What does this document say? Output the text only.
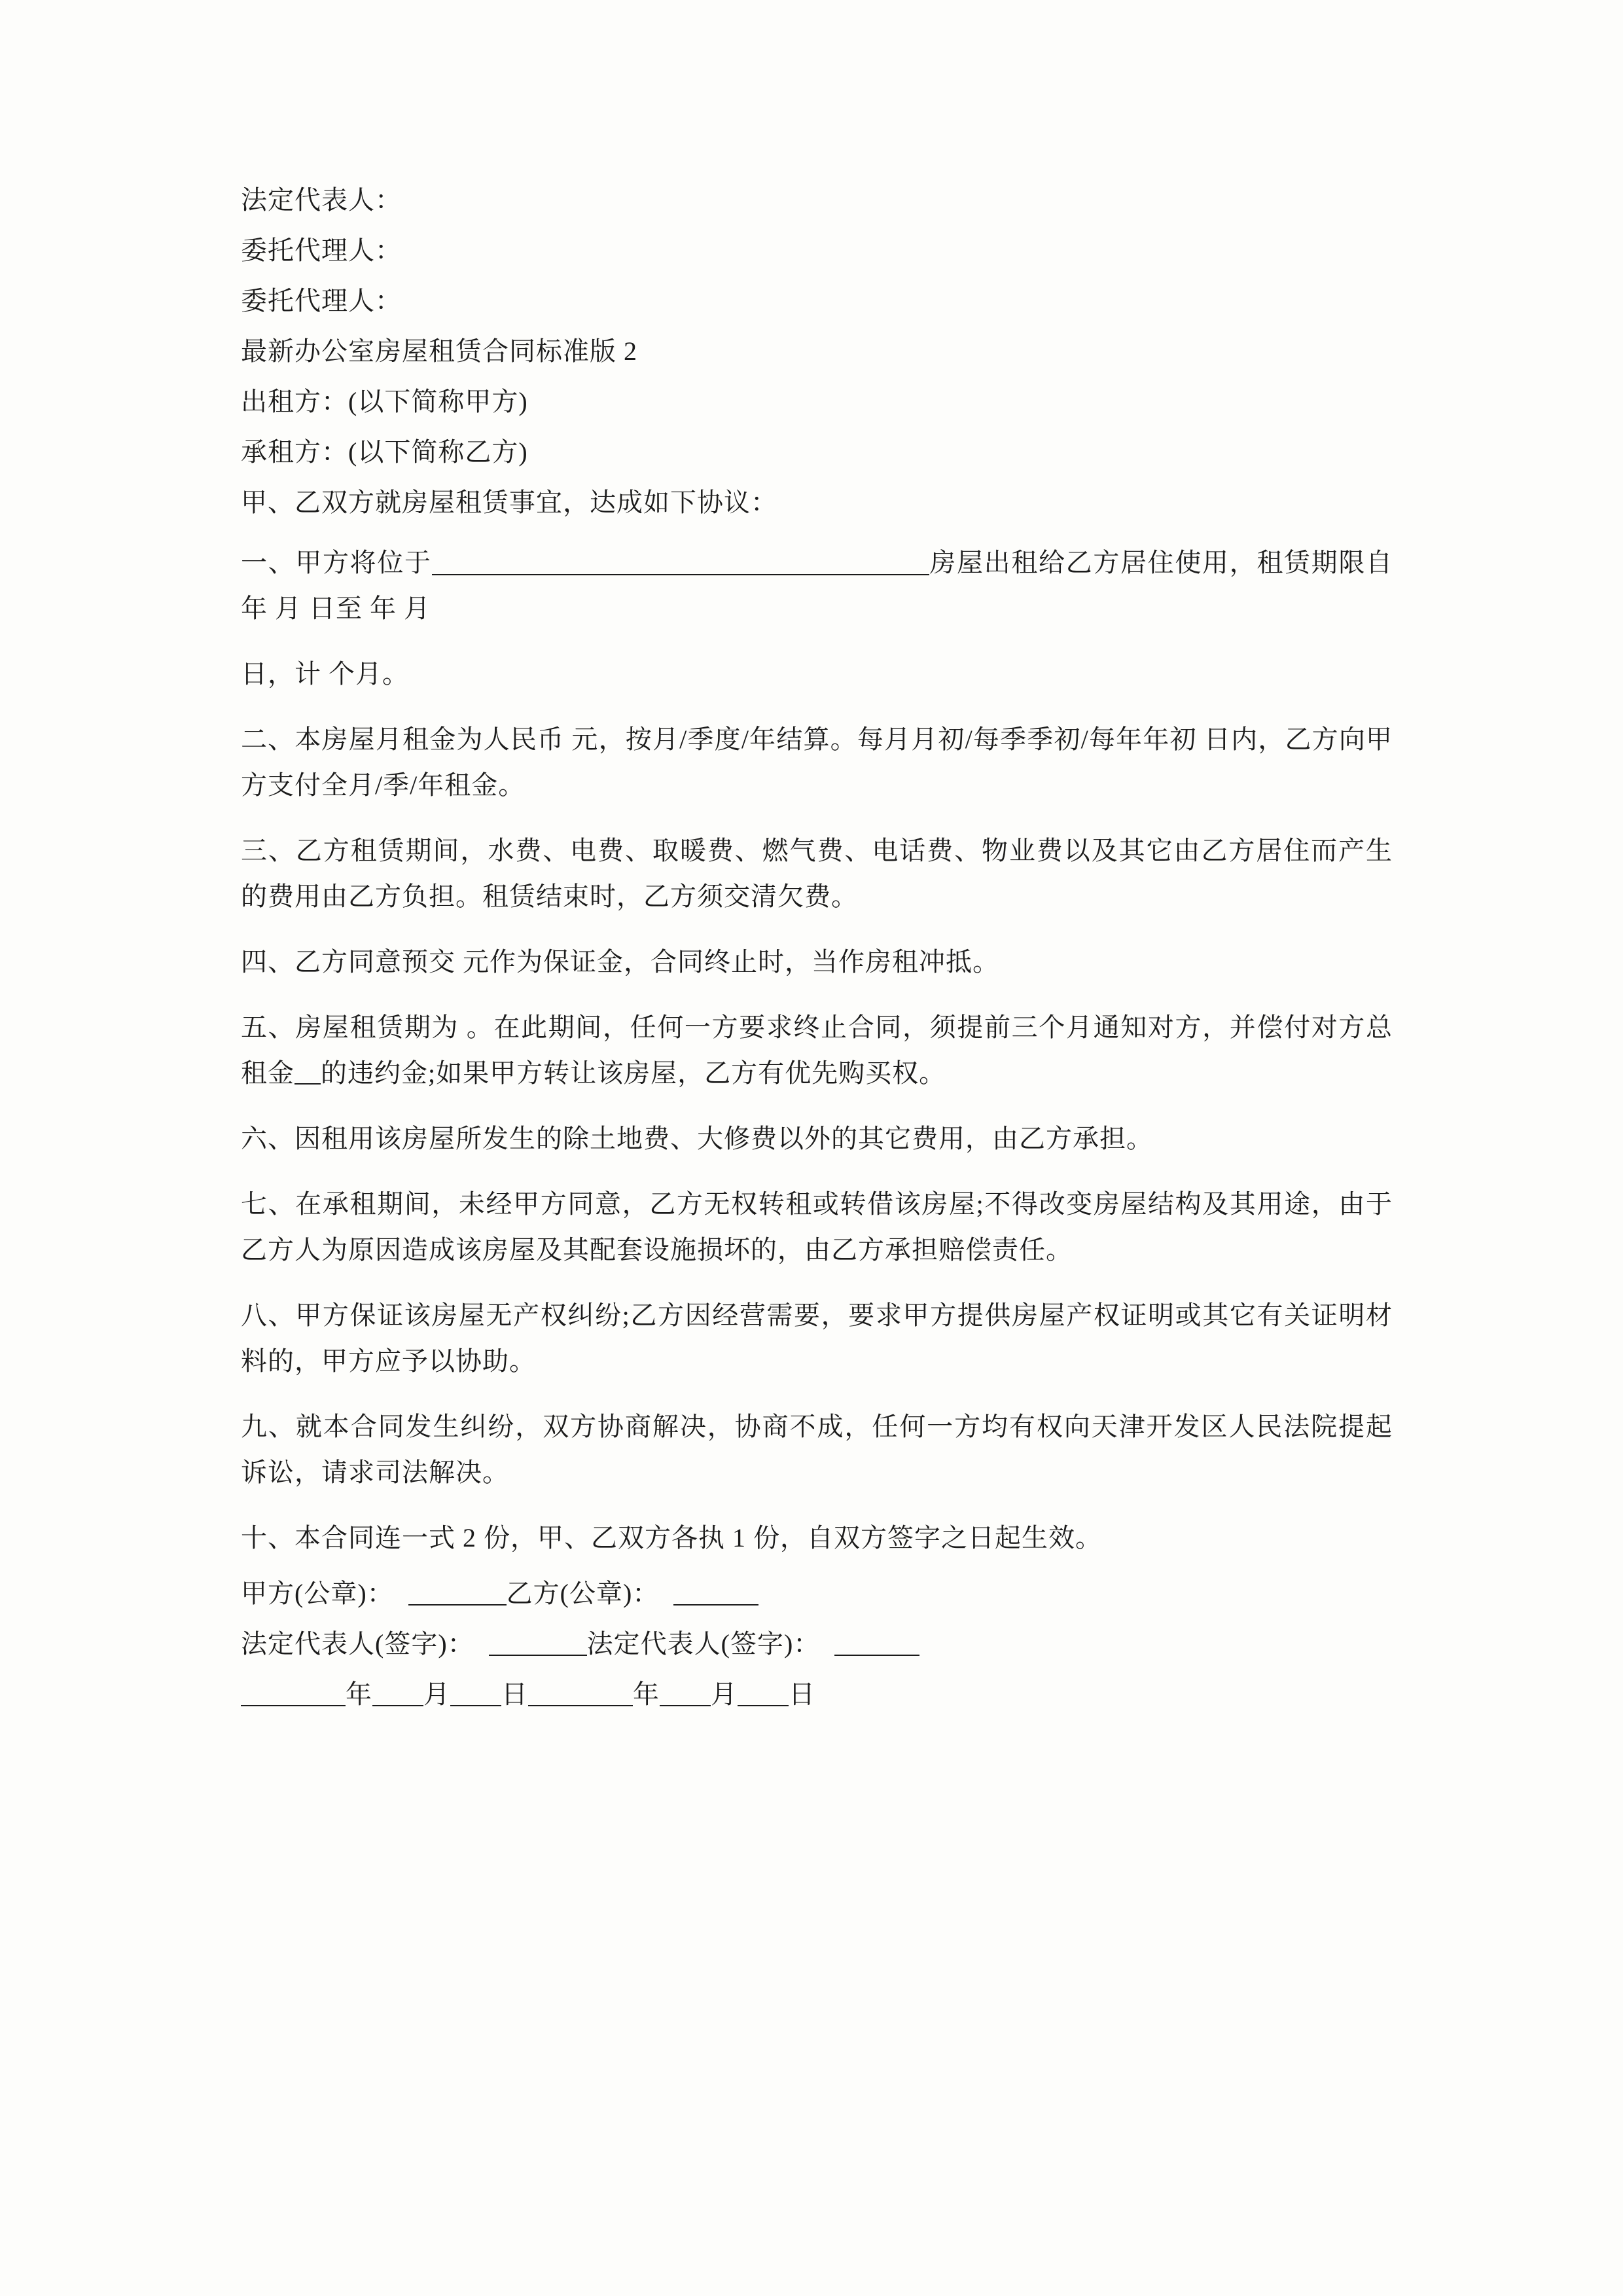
法定代表人：
委托代理人：
委托代理人：
最新办公室房屋租赁合同标准版 2
出租方：(以下简称甲方)
承租方：(以下简称乙方)
甲、乙双方就房屋租赁事宜，达成如下协议：
一、甲方将位于	房屋出租给乙方居住使用，租赁期限自 年 月 日至 年 月
日，计 个月。
二、本房屋月租金为人民币 元，按月/季度/年结算。每月月初/每季季初/每年年初 日内，乙方向甲方支付全月/季/年租金。
三、乙方租赁期间，水费、电费、取暖费、燃气费、电话费、物业费以及其它由乙方居住而产生的费用由乙方负担。租赁结束时，乙方须交清欠费。
四、乙方同意预交 元作为保证金，合同终止时，当作房租冲抵。
五、房屋租赁期为 。在此期间，任何一方要求终止合同，须提前三个月通知对方，并偿付对方总租金 的违约金;如果甲方转让该房屋，乙方有优先购买权。
六、因租用该房屋所发生的除土地费、大修费以外的其它费用，由乙方承担。
七、在承租期间，未经甲方同意，乙方无权转租或转借该房屋;不得改变房屋结构及其用途，由于乙方人为原因造成该房屋及其配套设施损坏的，由乙方承担赔偿责任。
八、甲方保证该房屋无产权纠纷;乙方因经营需要，要求甲方提供房屋产权证明或其它有关证明材料的，甲方应予以协助。
九、就本合同发生纠纷，双方协商解决，协商不成，任何一方均有权向天津开发区人民法院提起诉讼，请求司法解决。
十、本合同连一式 2 份，甲、乙双方各执 1 份，自双方签字之日起生效。
甲方(公章)：	乙方(公章)：
法定代表人(签字)：	法定代表人(签字)：
年 月 日	年 月 日
